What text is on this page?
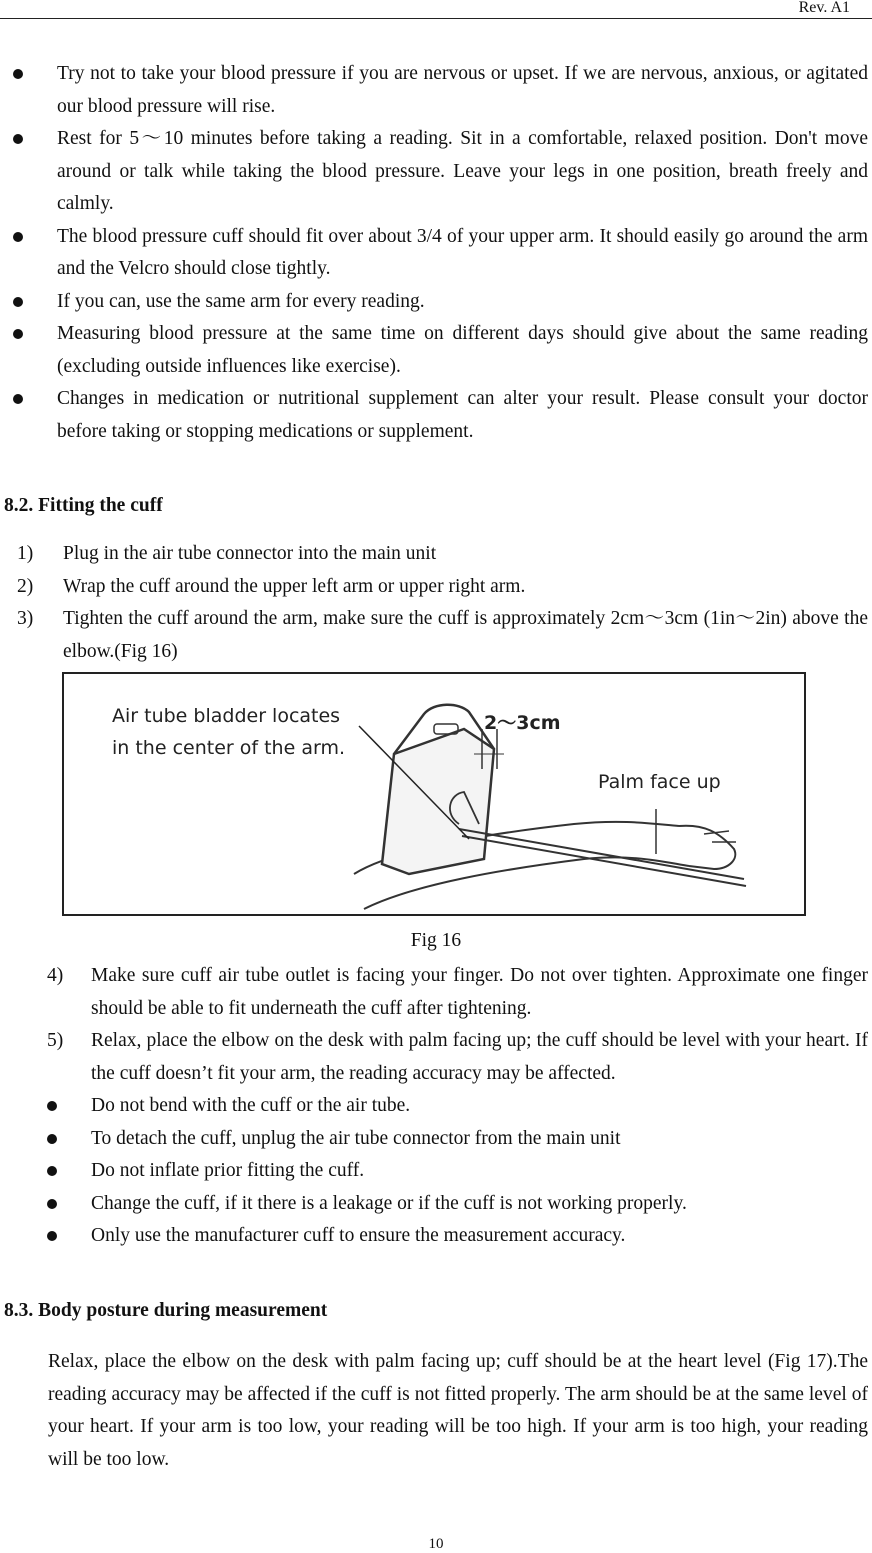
Rev. A1
Try not to take your blood pressure if you are nervous or upset. If we are nervous, anxious, or agitated our blood pressure will rise.
Rest for 5～10 minutes before taking a reading. Sit in a comfortable, relaxed position. Don't move around or talk while taking the blood pressure. Leave your legs in one position, breath freely and calmly.
The blood pressure cuff should fit over about 3/4 of your upper arm. It should easily go around the arm and the Velcro should close tightly.
If you can, use the same arm for every reading.
Measuring blood pressure at the same time on different days should give about the same reading (excluding outside influences like exercise).
Changes in medication or nutritional supplement can alter your result. Please consult your doctor before taking or stopping medications or supplement.
8.2. Fitting the cuff
1) Plug in the air tube connector into the main unit
2) Wrap the cuff around the upper left arm or upper right arm.
3) Tighten the cuff around the arm, make sure the cuff is approximately 2cm～3cm (1in～2in) above the elbow.(Fig 16)
Air tube bladder locates
in the center of the arm.
2～3cm
Palm face up
Fig 16
4) Make sure cuff air tube outlet is facing your finger. Do not over tighten. Approximate one finger should be able to fit underneath the cuff after tightening.
5) Relax, place the elbow on the desk with palm facing up; the cuff should be level with your heart. If the cuff doesn’t fit your arm, the reading accuracy may be affected.
Do not bend with the cuff or the air tube.
To detach the cuff, unplug the air tube connector from the main unit
Do not inflate prior fitting the cuff.
Change the cuff, if it there is a leakage or if the cuff is not working properly.
Only use the manufacturer cuff to ensure the measurement accuracy.
8.3. Body posture during measurement
Relax, place the elbow on the desk with palm facing up; cuff should be at the heart level (Fig 17).The reading accuracy may be affected if the cuff is not fitted properly. The arm should be at the same level of your heart. If your arm is too low, your reading will be too high. If your arm is too high, your reading will be too low.
10
